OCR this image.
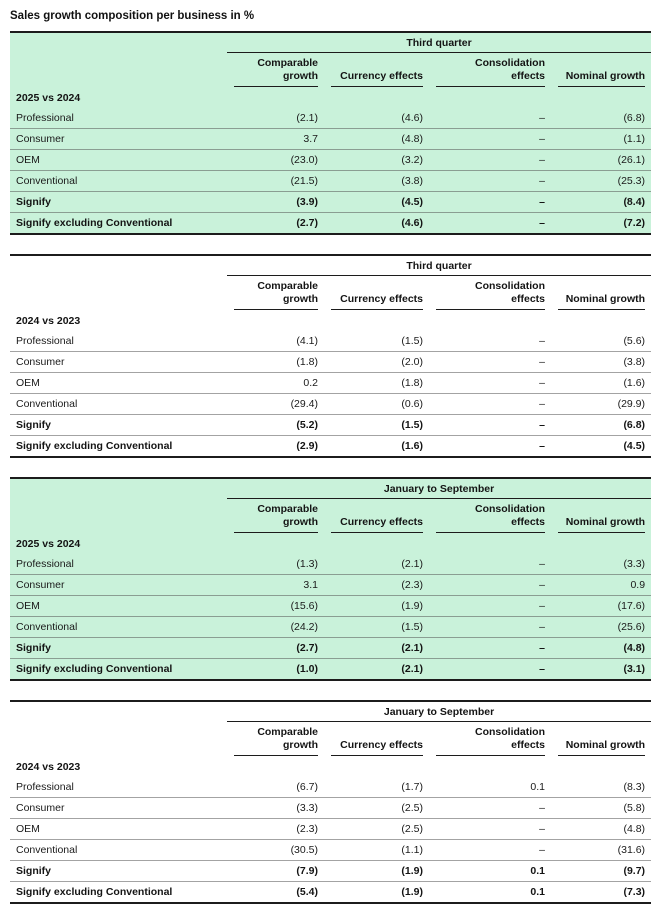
Sales growth composition per business in %
	Third quarter			

	Comparable growth	Currency effects	Consolidation effects	Nominal growth

2025 vs 2024				
Professional	(2.1)	(4.6)	–	(6.8)
Consumer	3.7	(4.8)	–	(1.1)
OEM	(23.0)	(3.2)	–	(26.1)
Conventional	(21.5)	(3.8)	–	(25.3)
Signify	(3.9)	(4.5)	–	(8.4)
Signify excluding Conventional	(2.7)	(4.6)	–	(7.2)
	Third quarter			

	Comparable growth	Currency effects	Consolidation effects	Nominal growth

2024 vs 2023				
Professional	(4.1)	(1.5)	–	(5.6)
Consumer	(1.8)	(2.0)	–	(3.8)
OEM	0.2	(1.8)	–	(1.6)
Conventional	(29.4)	(0.6)	–	(29.9)
Signify	(5.2)	(1.5)	–	(6.8)
Signify excluding Conventional	(2.9)	(1.6)	–	(4.5)
	January to September			

	Comparable growth	Currency effects	Consolidation effects	Nominal growth

2025 vs 2024				
Professional	(1.3)	(2.1)	–	(3.3)
Consumer	3.1	(2.3)	–	0.9
OEM	(15.6)	(1.9)	–	(17.6)
Conventional	(24.2)	(1.5)	–	(25.6)
Signify	(2.7)	(2.1)	–	(4.8)
Signify excluding Conventional	(1.0)	(2.1)	–	(3.1)
	January to September			

	Comparable growth	Currency effects	Consolidation effects	Nominal growth

2024 vs 2023				
Professional	(6.7)	(1.7)	0.1	(8.3)
Consumer	(3.3)	(2.5)	–	(5.8)
OEM	(2.3)	(2.5)	–	(4.8)
Conventional	(30.5)	(1.1)	–	(31.6)
Signify	(7.9)	(1.9)	0.1	(9.7)
Signify excluding Conventional	(5.4)	(1.9)	0.1	(7.3)
